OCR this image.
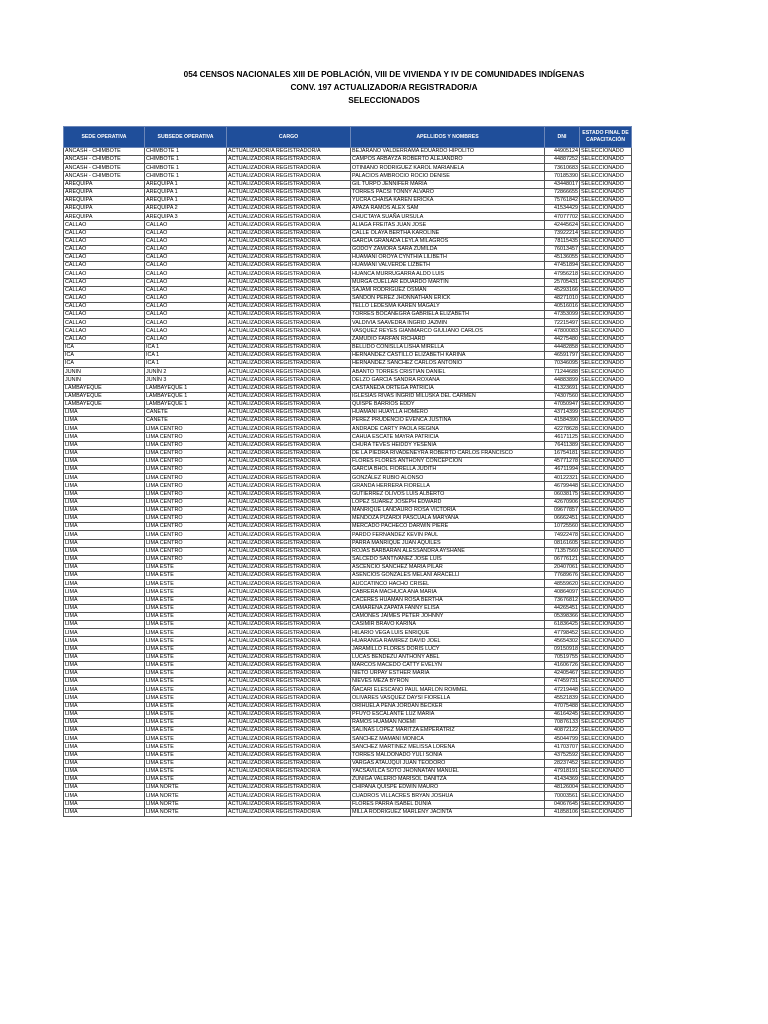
054 CENSOS NACIONALES XIII DE POBLACIÓN, VIII DE VIVIENDA Y IV DE COMUNIDADES INDÍGENAS
CONV. 197 ACTUALIZADOR/A REGISTRADOR/A
SELECCIONADOS
SEDE OPERATIVA	SUBSEDE OPERATIVA	CARGO	APELLIDOS Y NOMBRES	DNI	ESTADO FINAL DE CAPACITACIÓN
ANCASH - CHIMBOTE	CHIMBOTE 1	ACTUALIZADOR/A REGISTRADOR/A	BEJARANO VALDERRAMA EDUARDO HIPOLITO	44905124	SELECCIONADO
ANCASH - CHIMBOTE	CHIMBOTE 1	ACTUALIZADOR/A REGISTRADOR/A	CAMPOS ARBAYZA ROBERTO ALEJANDRO	44887252	SELECCIONADO
ANCASH - CHIMBOTE	CHIMBOTE 1	ACTUALIZADOR/A REGISTRADOR/A	OTINIANO RODRIGUEZ KAROL MARIANELA	73610683	SELECCIONADO
ANCASH - CHIMBOTE	CHIMBOTE 1	ACTUALIZADOR/A REGISTRADOR/A	PALACIOS AMBROCIO ROCIO DENISE	70185390	SELECCIONADO
AREQUIPA	AREQUIPA 1	ACTUALIZADOR/A REGISTRADOR/A	GIL TURPO JENNIFER MARIA	43448017	SELECCIONADO
AREQUIPA	AREQUIPA 1	ACTUALIZADOR/A REGISTRADOR/A	TORRES PACSI TONNY ALVARO	72866655	SELECCIONADO
AREQUIPA	AREQUIPA 1	ACTUALIZADOR/A REGISTRADOR/A	YUCRA CHAISA KAREN ERICKA	75761842	SELECCIONADO
AREQUIPA	AREQUIPA 2	ACTUALIZADOR/A REGISTRADOR/A	APAZA RAMOS ALEX SAM	41534429	SELECCIONADO
AREQUIPA	AREQUIPA 3	ACTUALIZADOR/A REGISTRADOR/A	CHUCTAYA SUAÑA URSULA	47077702	SELECCIONADO
CALLAO	CALLAO	ACTUALIZADOR/A REGISTRADOR/A	ALIAGA FREITAS JUAN JOSE	42445624	SELECCIONADO
CALLAO	CALLAO	ACTUALIZADOR/A REGISTRADOR/A	CALLE OLAYA BERTHA KAROLINE	73922214	SELECCIONADO
CALLAO	CALLAO	ACTUALIZADOR/A REGISTRADOR/A	GARCIA GRANADA LEYLA MILAGROS	78115435	SELECCIONADO
CALLAO	CALLAO	ACTUALIZADOR/A REGISTRADOR/A	GODOY ZAMORA SARA ZUMILDA	76013457	SELECCIONADO
CALLAO	CALLAO	ACTUALIZADOR/A REGISTRADOR/A	HUAMANI OROYA CYNTHIA LILIBETH	45136055	SELECCIONADO
CALLAO	CALLAO	ACTUALIZADOR/A REGISTRADOR/A	HUAMANI VALVERDE LIZBETH	47451894	SELECCIONADO
CALLAO	CALLAO	ACTUALIZADOR/A REGISTRADOR/A	HUANCA MURRUGARRA ALDO LUIS	47956218	SELECCIONADO
CALLAO	CALLAO	ACTUALIZADOR/A REGISTRADOR/A	MURGA CUELLAR EDUARDO MARTIN	25705431	SELECCIONADO
CALLAO	CALLAO	ACTUALIZADOR/A REGISTRADOR/A	SAJAMI RODRIGUEZ OSMAN	45293166	SELECCIONADO
CALLAO	CALLAO	ACTUALIZADOR/A REGISTRADOR/A	SANDON PEREZ JHONNATHAN ERICK	48271010	SELECCIONADO
CALLAO	CALLAO	ACTUALIZADOR/A REGISTRADOR/A	TELLO LEDESMA KAREN MAGALY	40516016	SELECCIONADO
CALLAO	CALLAO	ACTUALIZADOR/A REGISTRADOR/A	TORRES BOCANEGRA GABRIELA ELIZABETH	47353099	SELECCIONADO
CALLAO	CALLAO	ACTUALIZADOR/A REGISTRADOR/A	VALDIVIA SAAVEDRA INGRID JAZMIN	72215497	SELECCIONADO
CALLAO	CALLAO	ACTUALIZADOR/A REGISTRADOR/A	VASQUEZ REYES GIANMARCO GIULIANO CARLOS	47800083	SELECCIONADO
CALLAO	CALLAO	ACTUALIZADOR/A REGISTRADOR/A	ZAMUDIO FARFAN RICHARD	44275480	SELECCIONADO
ICA	ICA 1	ACTUALIZADOR/A REGISTRADOR/A	BELLIDO CONISLLA LISHA MIRELLA	44482858	SELECCIONADO
ICA	ICA 1	ACTUALIZADOR/A REGISTRADOR/A	HERNANDEZ CASTILLO ELIZABETH KARINA	46591797	SELECCIONADO
ICA	ICA 1	ACTUALIZADOR/A REGISTRADOR/A	HERNANDEZ SANCHEZ CARLOS ANTONIO	70346095	SELECCIONADO
JUNIN	JUNÍN 2	ACTUALIZADOR/A REGISTRADOR/A	ABANTO TORRES CRISTIAN DANIEL	71244688	SELECCIONADO
JUNIN	JUNÍN 3	ACTUALIZADOR/A REGISTRADOR/A	DELZO GARCIA SANDRA ROXANA	44883899	SELECCIONADO
LAMBAYEQUE	LAMBAYEQUE 1	ACTUALIZADOR/A REGISTRADOR/A	CASTAÑEDA ORTEGA PATRICIA	41323691	SELECCIONADO
LAMBAYEQUE	LAMBAYEQUE 1	ACTUALIZADOR/A REGISTRADOR/A	IGLESIAS RIVAS INGRID MILUSKA DEL CARMEN	74307560	SELECCIONADO
LAMBAYEQUE	LAMBAYEQUE 1	ACTUALIZADOR/A REGISTRADOR/A	QUISPE BARRIOS EDDY	47050947	SELECCIONADO
LIMA	CAÑETE	ACTUALIZADOR/A REGISTRADOR/A	HUAMANI HUAYLLA HOMERO	43714399	SELECCIONADO
LIMA	CAÑETE	ACTUALIZADOR/A REGISTRADOR/A	PEREZ PRUDENCIO EVENCA JUSTINA	41584390	SELECCIONADO
LIMA	LIMA CENTRO	ACTUALIZADOR/A REGISTRADOR/A	ANDRADE CARTY PAOLA REGINA	42278628	SELECCIONADO
LIMA	LIMA CENTRO	ACTUALIZADOR/A REGISTRADOR/A	CAHUA ESCATE MAYRA PATRICIA	46171125	SELECCIONADO
LIMA	LIMA CENTRO	ACTUALIZADOR/A REGISTRADOR/A	CHURA TEVES HEIDDY YESENIA	76411389	SELECCIONADO
LIMA	LIMA CENTRO	ACTUALIZADOR/A REGISTRADOR/A	DE LA PIEDRA RIVADENEYRA ROBERTO CARLOS FRANCISCO	16754181	SELECCIONADO
LIMA	LIMA CENTRO	ACTUALIZADOR/A REGISTRADOR/A	FLORES FLORES ANTHONY CONCEPCION	45771278	SELECCIONADO
LIMA	LIMA CENTRO	ACTUALIZADOR/A REGISTRADOR/A	GARCIA BHOL FIORELLA JUDITH	46711994	SELECCIONADO
LIMA	LIMA CENTRO	ACTUALIZADOR/A REGISTRADOR/A	GONZÁLEZ RUBIO ALONSO	40122321	SELECCIONADO
LIMA	LIMA CENTRO	ACTUALIZADOR/A REGISTRADOR/A	GRANDA HERRERA FIORELLA	46799448	SELECCIONADO
LIMA	LIMA CENTRO	ACTUALIZADOR/A REGISTRADOR/A	GUTIERREZ OLIVOS LUIS ALBERTO	06038175	SELECCIONADO
LIMA	LIMA CENTRO	ACTUALIZADOR/A REGISTRADOR/A	LOPEZ SUAREZ JOSEPH EDWARD	42670906	SELECCIONADO
LIMA	LIMA CENTRO	ACTUALIZADOR/A REGISTRADOR/A	MANRIQUE LANDAURO ROSA VICTORIA	09677857	SELECCIONADO
LIMA	LIMA CENTRO	ACTUALIZADOR/A REGISTRADOR/A	MENDOZA PIZARDI PASCUALA MARYANA	06662451	SELECCIONADO
LIMA	LIMA CENTRO	ACTUALIZADOR/A REGISTRADOR/A	MERCADO PACHECO DARWIN PIERE	10725560	SELECCIONADO
LIMA	LIMA CENTRO	ACTUALIZADOR/A REGISTRADOR/A	PARDO FERNANDEZ KEVIN PAUL	74922478	SELECCIONADO
LIMA	LIMA CENTRO	ACTUALIZADOR/A REGISTRADOR/A	PARRA MANRIQUE JUAN AQUILES	08161605	SELECCIONADO
LIMA	LIMA CENTRO	ACTUALIZADOR/A REGISTRADOR/A	ROJAS BARBARAN ALESSANDRA AYSHANÉ	71357560	SELECCIONADO
LIMA	LIMA CENTRO	ACTUALIZADOR/A REGISTRADOR/A	SALCEDO SANTIVAÑEZ JOSE LUIS	06776121	SELECCIONADO
LIMA	LIMA ESTE	ACTUALIZADOR/A REGISTRADOR/A	ASCENCIO SANCHEZ MARIA PILAR	20407061	SELECCIONADO
LIMA	LIMA ESTE	ACTUALIZADOR/A REGISTRADOR/A	ASENCIOS GONZALES MELANI ARACELLI	77689676	SELECCIONADO
LIMA	LIMA ESTE	ACTUALIZADOR/A REGISTRADOR/A	AUCCATINCO HACHO CRISEL	48559620	SELECCIONADO
LIMA	LIMA ESTE	ACTUALIZADOR/A REGISTRADOR/A	CABRERA MACHUCA ANA MARIA	40864097	SELECCIONADO
LIMA	LIMA ESTE	ACTUALIZADOR/A REGISTRADOR/A	CACERES HUAMAN ROSA BERTHA	73676812	SELECCIONADO
LIMA	LIMA ESTE	ACTUALIZADOR/A REGISTRADOR/A	CAMARENA ZAPATA FANNY ELISA	44265451	SELECCIONADO
LIMA	LIMA ESTE	ACTUALIZADOR/A REGISTRADOR/A	CAMONES JAIMES PETER JOHNNY	05398366	SELECCIONADO
LIMA	LIMA ESTE	ACTUALIZADOR/A REGISTRADOR/A	CASIMIR BRAVO KARINA	61836425	SELECCIONADO
LIMA	LIMA ESTE	ACTUALIZADOR/A REGISTRADOR/A	HILARIO VEGA LUIS ENRIQUE	47798452	SELECCIONADO
LIMA	LIMA ESTE	ACTUALIZADOR/A REGISTRADOR/A	HUARANGA RAMIREZ DAVID JOEL	45654302	SELECCIONADO
LIMA	LIMA ESTE	ACTUALIZADOR/A REGISTRADOR/A	JARAMILLO FLORES DORIS LUCY	09150918	SELECCIONADO
LIMA	LIMA ESTE	ACTUALIZADOR/A REGISTRADOR/A	LUCAS BENDEZU ANTHONY ABEL	70519755	SELECCIONADO
LIMA	LIMA ESTE	ACTUALIZADOR/A REGISTRADOR/A	MARCOS MACEDO CATTY EVELYN	41606726	SELECCIONADO
LIMA	LIMA ESTE	ACTUALIZADOR/A REGISTRADOR/A	NIETO URPAY ESTHER MARIA	42405467	SELECCIONADO
LIMA	LIMA ESTE	ACTUALIZADOR/A REGISTRADOR/A	NIEVES MEZA BYRON	47459731	SELECCIONADO
LIMA	LIMA ESTE	ACTUALIZADOR/A REGISTRADOR/A	ÑACARI ELESCANO PAUL MARLON ROMMEL	47219448	SELECCIONADO
LIMA	LIMA ESTE	ACTUALIZADOR/A REGISTRADOR/A	OLIVARES VASQUEZ DAYSI FIORELLA	45521839	SELECCIONADO
LIMA	LIMA ESTE	ACTUALIZADOR/A REGISTRADOR/A	ORIHUELA PEÑA JORDAN BECKER	47075488	SELECCIONADO
LIMA	LIMA ESTE	ACTUALIZADOR/A REGISTRADOR/A	PFUYO ESCALANTE LUZ MARIA	46164245	SELECCIONADO
LIMA	LIMA ESTE	ACTUALIZADOR/A REGISTRADOR/A	RAMOS HUAMAN NOEMI	70876133	SELECCIONADO
LIMA	LIMA ESTE	ACTUALIZADOR/A REGISTRADOR/A	SALINAS LOPEZ MARITZA EMPERATRIZ	40872122	SELECCIONADO
LIMA	LIMA ESTE	ACTUALIZADOR/A REGISTRADOR/A	SANCHEZ MAMANI MONICA	45044799	SELECCIONADO
LIMA	LIMA ESTE	ACTUALIZADOR/A REGISTRADOR/A	SANCHEZ MARTINEZ MELISSA LORENA	41703707	SELECCIONADO
LIMA	LIMA ESTE	ACTUALIZADOR/A REGISTRADOR/A	TORRES MALDONADO YULI SONIA	43752592	SELECCIONADO
LIMA	LIMA ESTE	ACTUALIZADOR/A REGISTRADOR/A	VARGAS ATAUJQUI JUAN TEODORO	28237452	SELECCIONADO
LIMA	LIMA ESTE	ACTUALIZADOR/A REGISTRADOR/A	YACSAVILCA SOTO JHONNATAN MANUEL	47918191	SELECCIONADO
LIMA	LIMA ESTE	ACTUALIZADOR/A REGISTRADOR/A	ZUNIGA VALERIO MARISOL DANITZA	41434369	SELECCIONADO
LIMA	LIMA NORTE	ACTUALIZADOR/A REGISTRADOR/A	CHIPANA QUISPE EDWIN MAURO	48126004	SELECCIONADO
LIMA	LIMA NORTE	ACTUALIZADOR/A REGISTRADOR/A	CUADROS VILLACRES BRYAN JOSHUA	70003561	SELECCIONADO
LIMA	LIMA NORTE	ACTUALIZADOR/A REGISTRADOR/A	FLORES PARRA ISABEL DUNIA	04067645	SELECCIONADO
LIMA	LIMA NORTE	ACTUALIZADOR/A REGISTRADOR/A	MILLA RODRIGUEZ MARLENY JACINTA	41858106	SELECCIONADO
